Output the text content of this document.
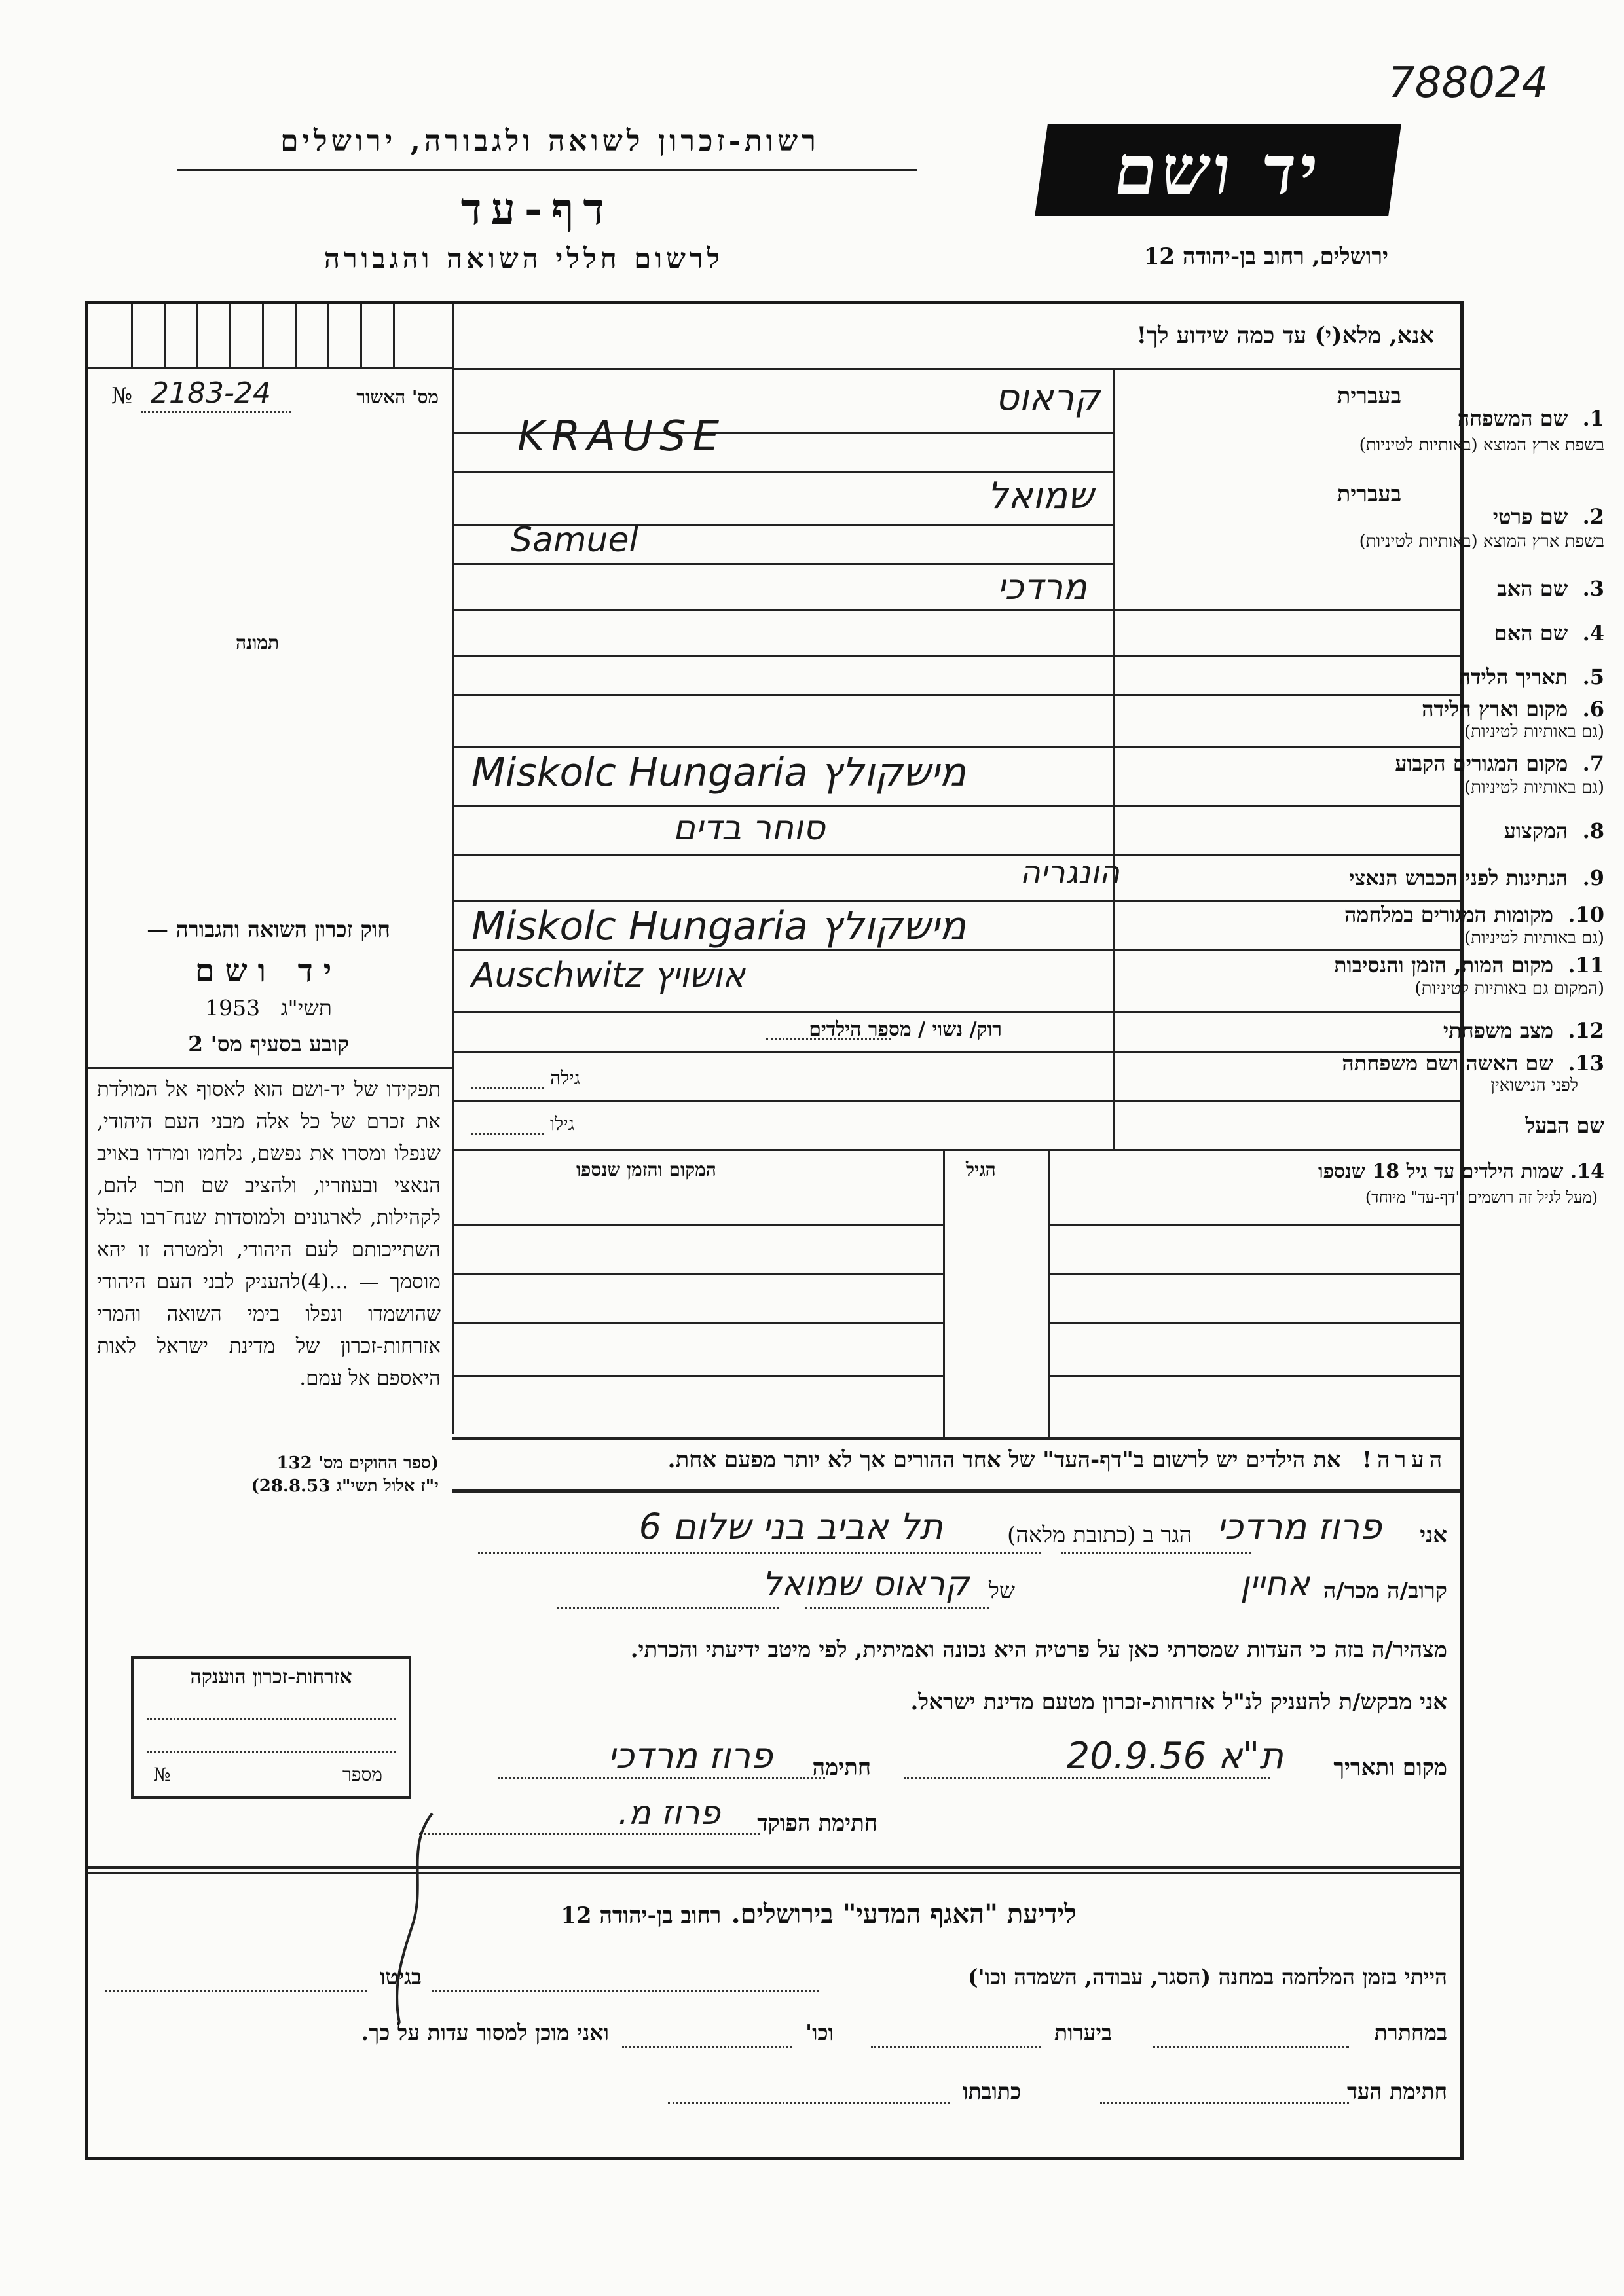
788024
רשות-זכרון לשואה ולגבורה, ירושלים
דף-עד
לרשום חללי השואה והגבורה
יד ושם
ירושלים, רחוב בן-יהודה 12
מס' האשור
2183-24
№
תמונה
חוק זכרון השואה והגבורה —
יד ושם
תשי"ג   1953
קובע בסעיף מס' 2
תפקידו של יד-ושם הוא לאסוף אל המולדת את זכרם של כל אלה מבני העם היהודי, שנפלו ומסרו את נפשם, נלחמו ומרדו באויב הנאצי ובעוזריו, ולהציב שם וזכר להם, לקהילות, לארגונים ולמוסדות שנח־רבו בגלל השתייכותם לעם היהודי, ולמטרה זו יהא מוסמך — ...(4)להעניק לבני העם היהודי שהושמדו ונפלו בימי השואה והמרי אזרחות-זכרון של מדינת ישראל לאות היאספם אל עמם.
(ספר החוקים מס' 132
י"ז אלול תשי"ג 28.8.53)
אנא, מלא(י) עד כמה שידוע לך!
בעברית
1.  שם המשפחה
בשפת ארץ המוצא (באותיות לטיניות)
קראוס
KRAUSE
בעברית
2.  שם פרטי
בשפת ארץ המוצא (באותיות לטיניות)
שמואל
Samuel
3.  שם האב
מרדכי
4.  שם האם
5.  תאריך הלידה
6.  מקום וארץ הלידה
(גם באותיות לטיניות)
7.  מקום המגורים הקבוע
(גם באותיות לטיניות)
Miskolc Hungaria מישקולץ
8.  המקצוע
סוחר בדים
9.  הנתינות לפני הכבוש הנאצי
הונגריה
10.  מקומות המגורים במלחמה
(גם באותיות לטיניות)
Miskolc Hungaria מישקולץ
11.  מקום המות, הזמן והנסיבות
(המקום גם באותיות לטיניות)
Auschwitz אושויץ
12.  מצב משפחתי
רוק/ נשוי / מספר הילדים
13.  שם האשה ושם משפחתה
לפני הנישואין
גילה
שם הבעל
גילו
14. שמות הילדים עד גיל 18 שנספו
(מעל לגיל זה רושמים "דף-עד" מיוחד)
הגיל
המקום והזמן שנספו
הערה!   את הילדים יש לרשום ב"דף-העד" של אחד ההורים אך לא יותר מפעם אחת.
אני
פרוז מרדכי
הגר ב (כתובת מלאה)
תל אביב בני שלום 6
קרוב/ה מכר/ה
אחיין
של
קראוס שמואל
מצהיר/ה בזה כי העדות שמסרתי כאן על פרטיה היא נכונה ואמיתית, לפי מיטב ידיעתי והכרתי.
אני מבקש/ת להעניק לנ"ל אזרחות-זכרון מטעם מדינת ישראל.
מקום ותאריך
ת"א 20.9.56
חתימה
פרוז מרדכי
חתימת הפוקד
פרוז מ.
אזרחות-זכרון הוענקה
מספר
№
לידיעת "האגף המדעי" בירושלים.   רחוב בן-יהודה 12
הייתי בזמן המלחמה במחנה (הסגר, עבודה, השמדה וכו')
בגיטו
במחתרת
ביערות
וכו'
ואני מוכן למסור עדות על כך.
חתימת העד
כתובתו
